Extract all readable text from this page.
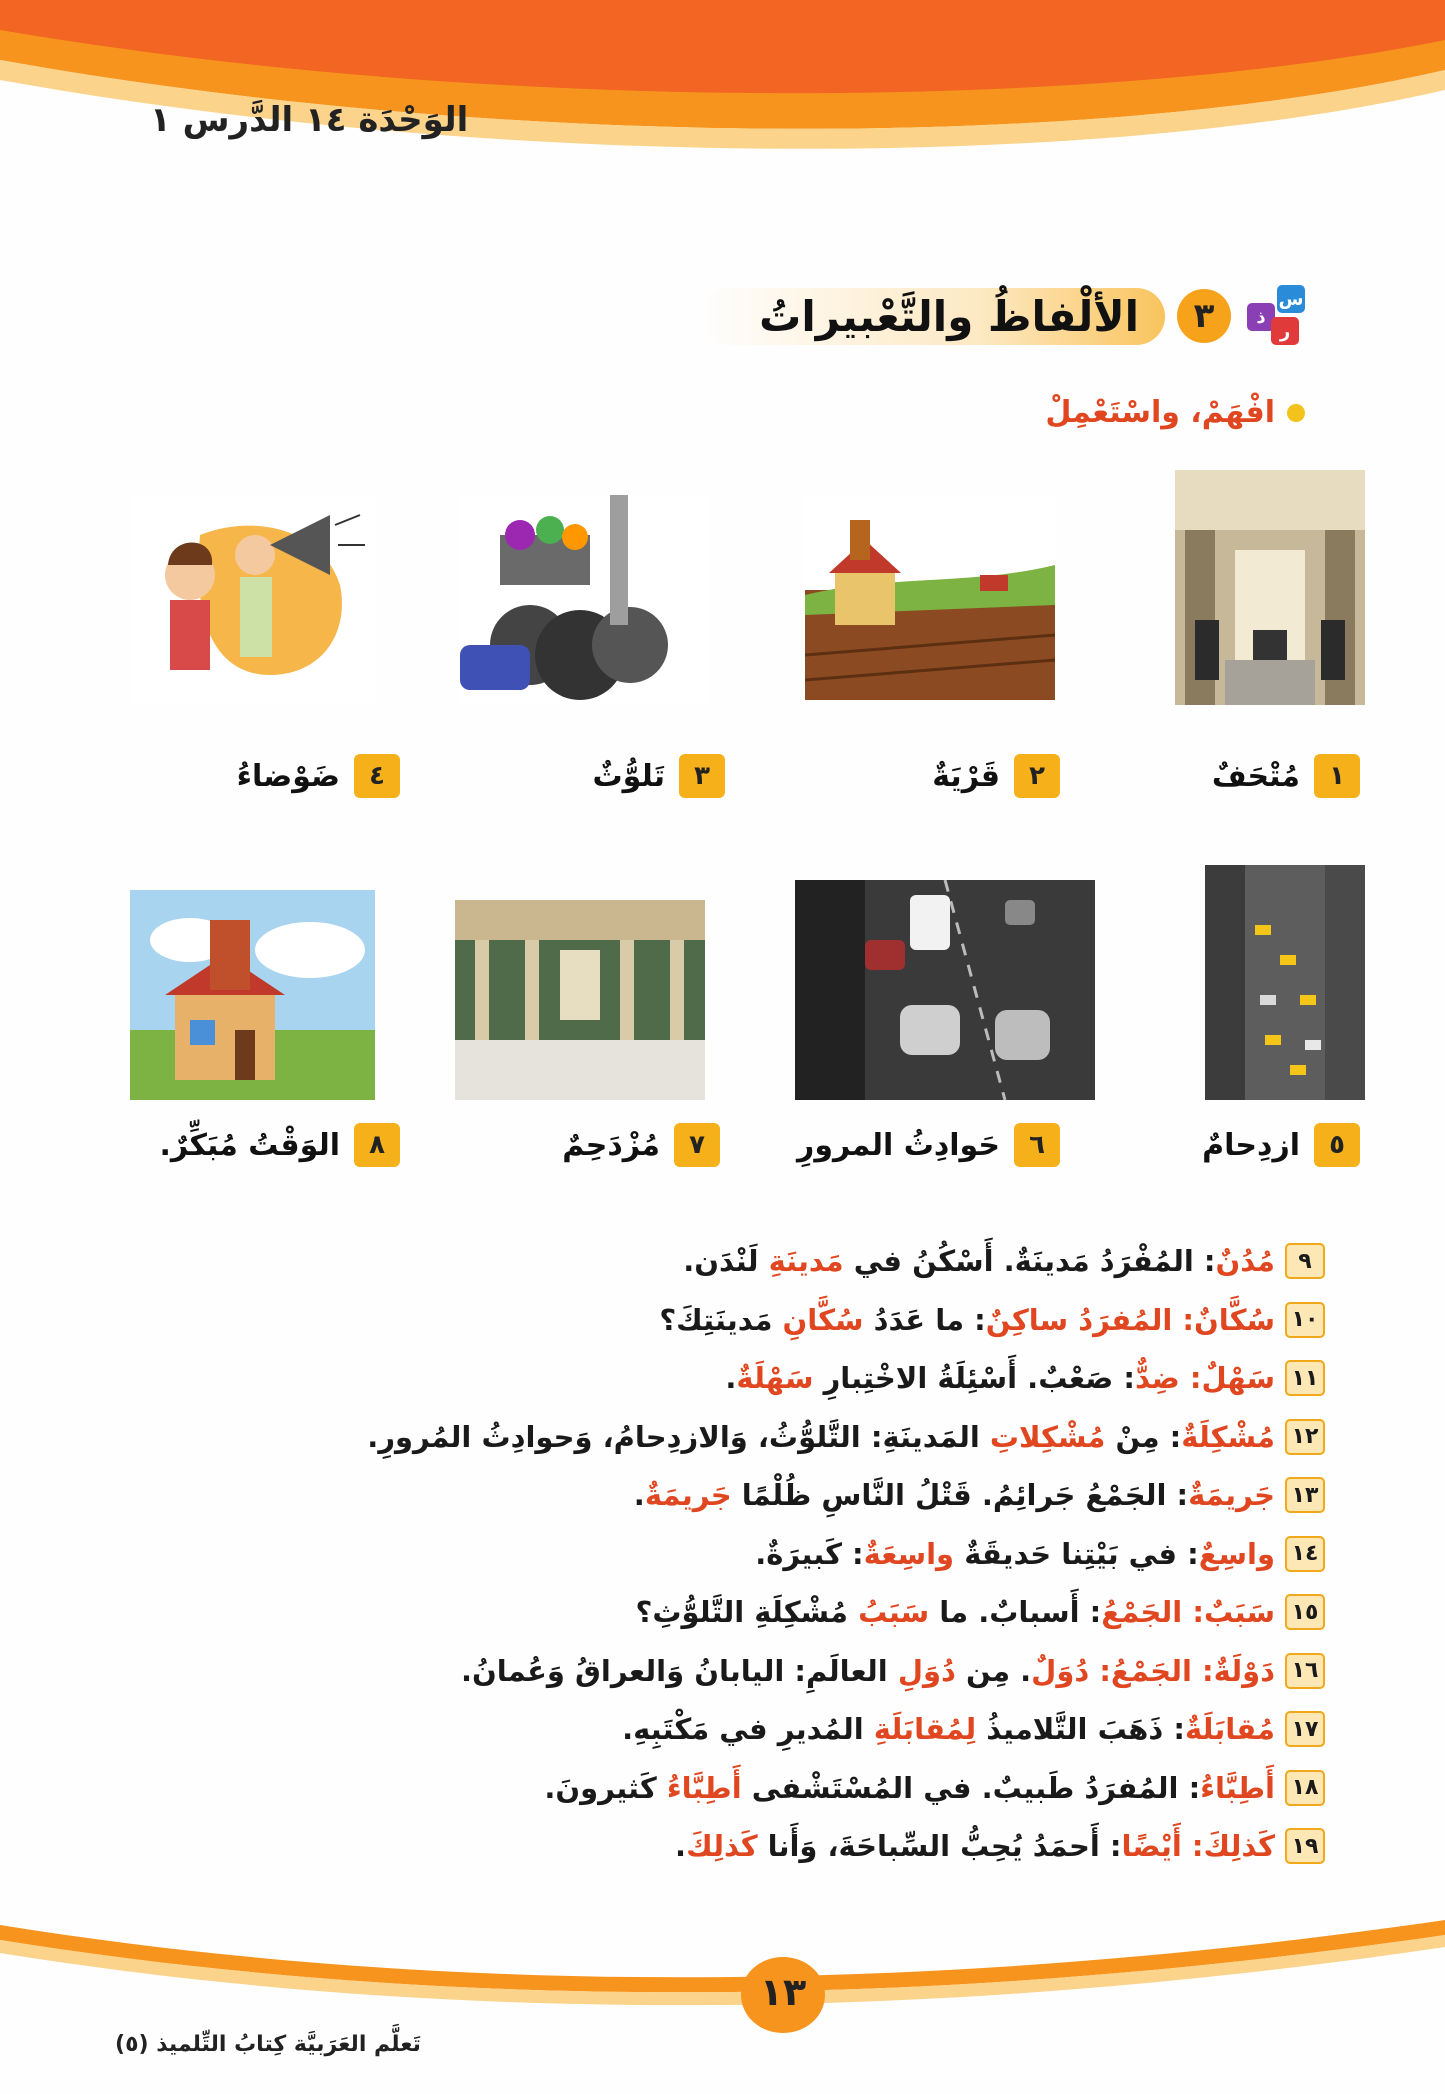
الوَحْدَة ١٤ الدَّرس ١
س
ذ
ر
٣
الألْفاظُ والتَّعْبيراتُ
افْهَمْ، واسْتَعْمِلْ
١
مُتْحَفٌ
٢
قَرْيَةٌ
٣
تَلوُّثٌ
٤
ضَوْضاءُ
٥
ازدِحامٌ
٦
حَوادِثُ المرورِ
٧
مُزْدَحِمٌ
٨
الوَقْتُ مُبَكِّرٌ.
٩
مُدُنٌ: المُفْرَدُ مَدينَةٌ. أَسْكُنُ في مَدينَةِ لَنْدَن.
١٠
سُكَّانٌ: المُفرَدُ ساكِنٌ: ما عَدَدُ سُكَّانِ مَدينَتِكَ؟
١١
سَهْلٌ: ضِدٌّ: صَعْبٌ. أَسْئِلَةُ الاخْتِبارِ سَهْلَةٌ.
١٢
مُشْكِلَةٌ: مِنْ مُشْكِلاتِ المَدينَةِ: التَّلوُّثُ، وَالازدِحامُ، وَحوادِثُ المُرورِ.
١٣
جَريمَةٌ: الجَمْعُ جَرائِمُ. قَتْلُ النَّاسِ ظُلْمًا جَريمَةٌ.
١٤
واسِعٌ: في بَيْتِنا حَديقَةٌ واسِعَةٌ: كَبيرَةٌ.
١٥
سَبَبٌ: الجَمْعُ: أَسبابٌ. ما سَبَبُ مُشْكِلَةِ التَّلوُّثِ؟
١٦
دَوْلَةٌ: الجَمْعُ: دُوَلٌ. مِن دُوَلِ العالَمِ: اليابانُ وَالعراقُ وَعُمانُ.
١٧
مُقابَلَةٌ: ذَهَبَ التَّلاميذُ لِمُقابَلَةِ المُديرِ في مَكْتَبِهِ.
١٨
أَطِبَّاءُ: المُفرَدُ طَبيبٌ. في المُسْتَشْفى أَطِبَّاءُ كَثيرونَ.
١٩
كَذلِكَ: أَيْضًا: أَحمَدُ يُحِبُّ السِّباحَةَ، وَأَنا كَذلِكَ.
١٣
تَعلَّم العَرَبيَّة كِتابُ التِّلميذ (٥)
